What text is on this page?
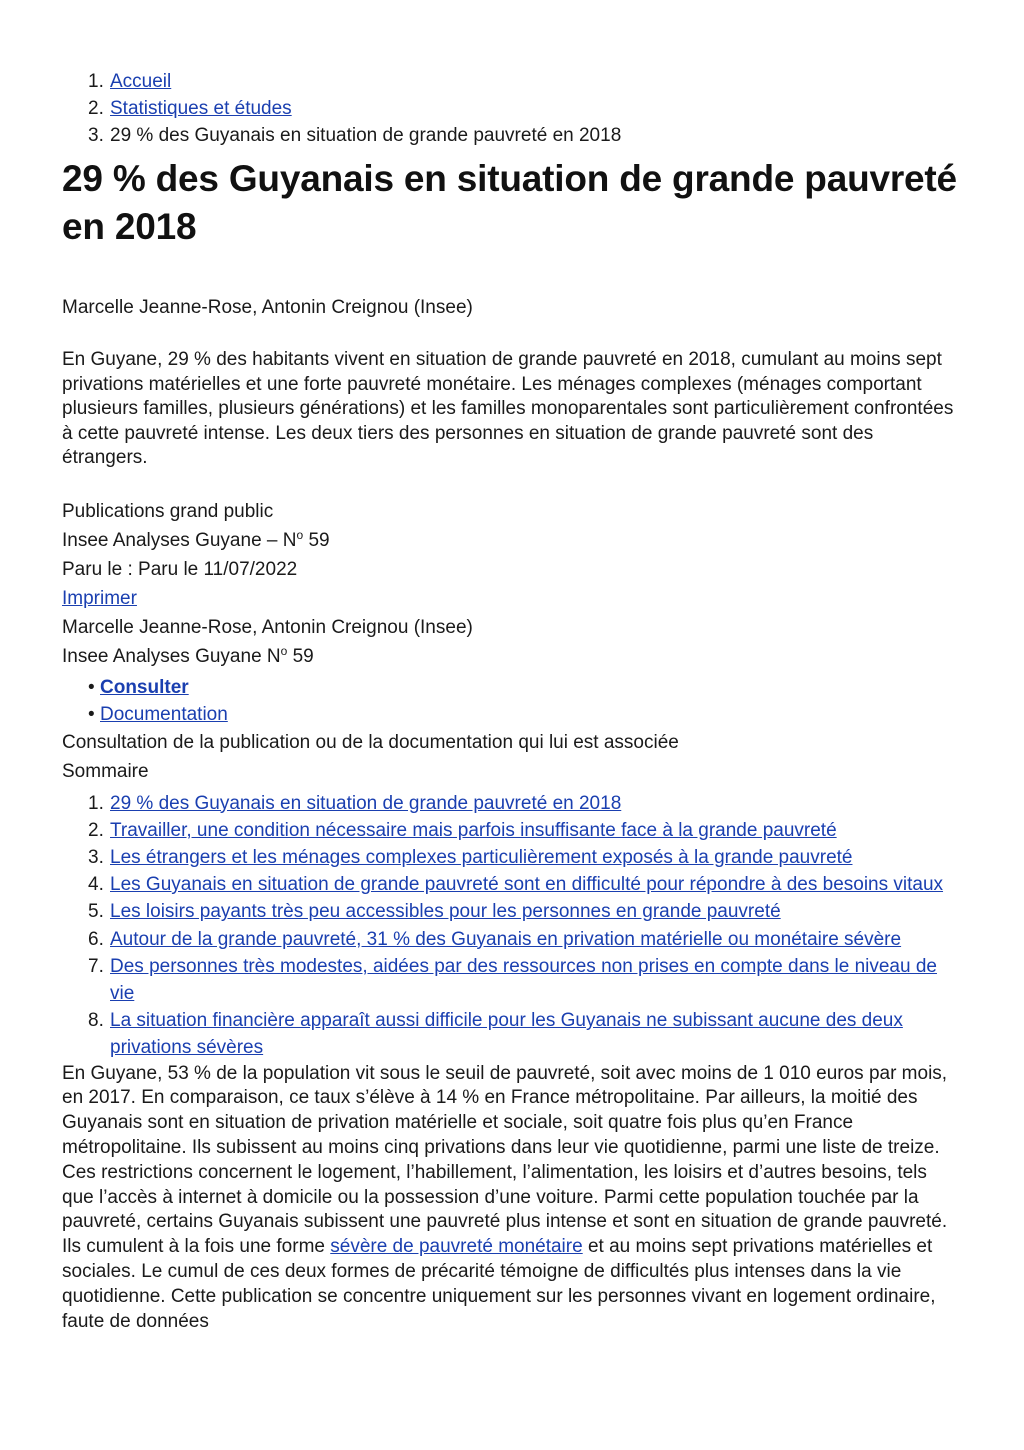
1. Accueil
2. Statistiques et études
3. 29 % des Guyanais en situation de grande pauvreté en 2018
29 % des Guyanais en situation de grande pauvreté en 2018
Marcelle Jeanne-Rose, Antonin Creignou (Insee)
En Guyane, 29 % des habitants vivent en situation de grande pauvreté en 2018, cumulant au moins sept privations matérielles et une forte pauvreté monétaire. Les ménages complexes (ménages comportant plusieurs familles, plusieurs générations) et les familles monoparentales sont particulièrement confrontées à cette pauvreté intense. Les deux tiers des personnes en situation de grande pauvreté sont des étrangers.
Publications grand public
Insee Analyses Guyane – $N^o$ 59
Paru le : Paru le 11/07/2022
Imprimer
Marcelle Jeanne-Rose, Antonin Creignou (Insee)
Insee Analyses Guyane $N^o$ 59
• Consulter
• Documentation
Consultation de la publication ou de la documentation qui lui est associée
Sommaire
1. 29 % des Guyanais en situation de grande pauvreté en 2018
2. Travailler, une condition nécessaire mais parfois insuffisante face à la grande pauvreté
3. Les étrangers et les ménages complexes particulièrement exposés à la grande pauvreté
4. Les Guyanais en situation de grande pauvreté sont en difficulté pour répondre à des besoins vitaux
5. Les loisirs payants très peu accessibles pour les personnes en grande pauvreté
6. Autour de la grande pauvreté, 31 % des Guyanais en privation matérielle ou monétaire sévère
7. Des personnes très modestes, aidées par des ressources non prises en compte dans le niveau de vie
8. La situation financière apparaît aussi difficile pour les Guyanais ne subissant aucune des deux privations sévères
En Guyane, 53 % de la population vit sous le seuil de pauvreté, soit avec moins de 1 010 euros par mois, en 2017. En comparaison, ce taux s’élève à 14 % en France métropolitaine. Par ailleurs, la moitié des Guyanais sont en situation de privation matérielle et sociale, soit quatre fois plus qu’en France métropolitaine. Ils subissent au moins cinq privations dans leur vie quotidienne, parmi une liste de treize. Ces restrictions concernent le logement, l’habillement, l’alimentation, les loisirs et d’autres besoins, tels que l’accès à internet à domicile ou la possession d’une voiture. Parmi cette population touchée par la pauvreté, certains Guyanais subissent une pauvreté plus intense et sont en situation de grande pauvreté. Ils cumulent à la fois une forme sévère de pauvreté monétaire et au moins sept privations matérielles et sociales. Le cumul de ces deux formes de précarité témoigne de difficultés plus intenses dans la vie quotidienne. Cette publication se concentre uniquement sur les personnes vivant en logement ordinaire, faute de données
